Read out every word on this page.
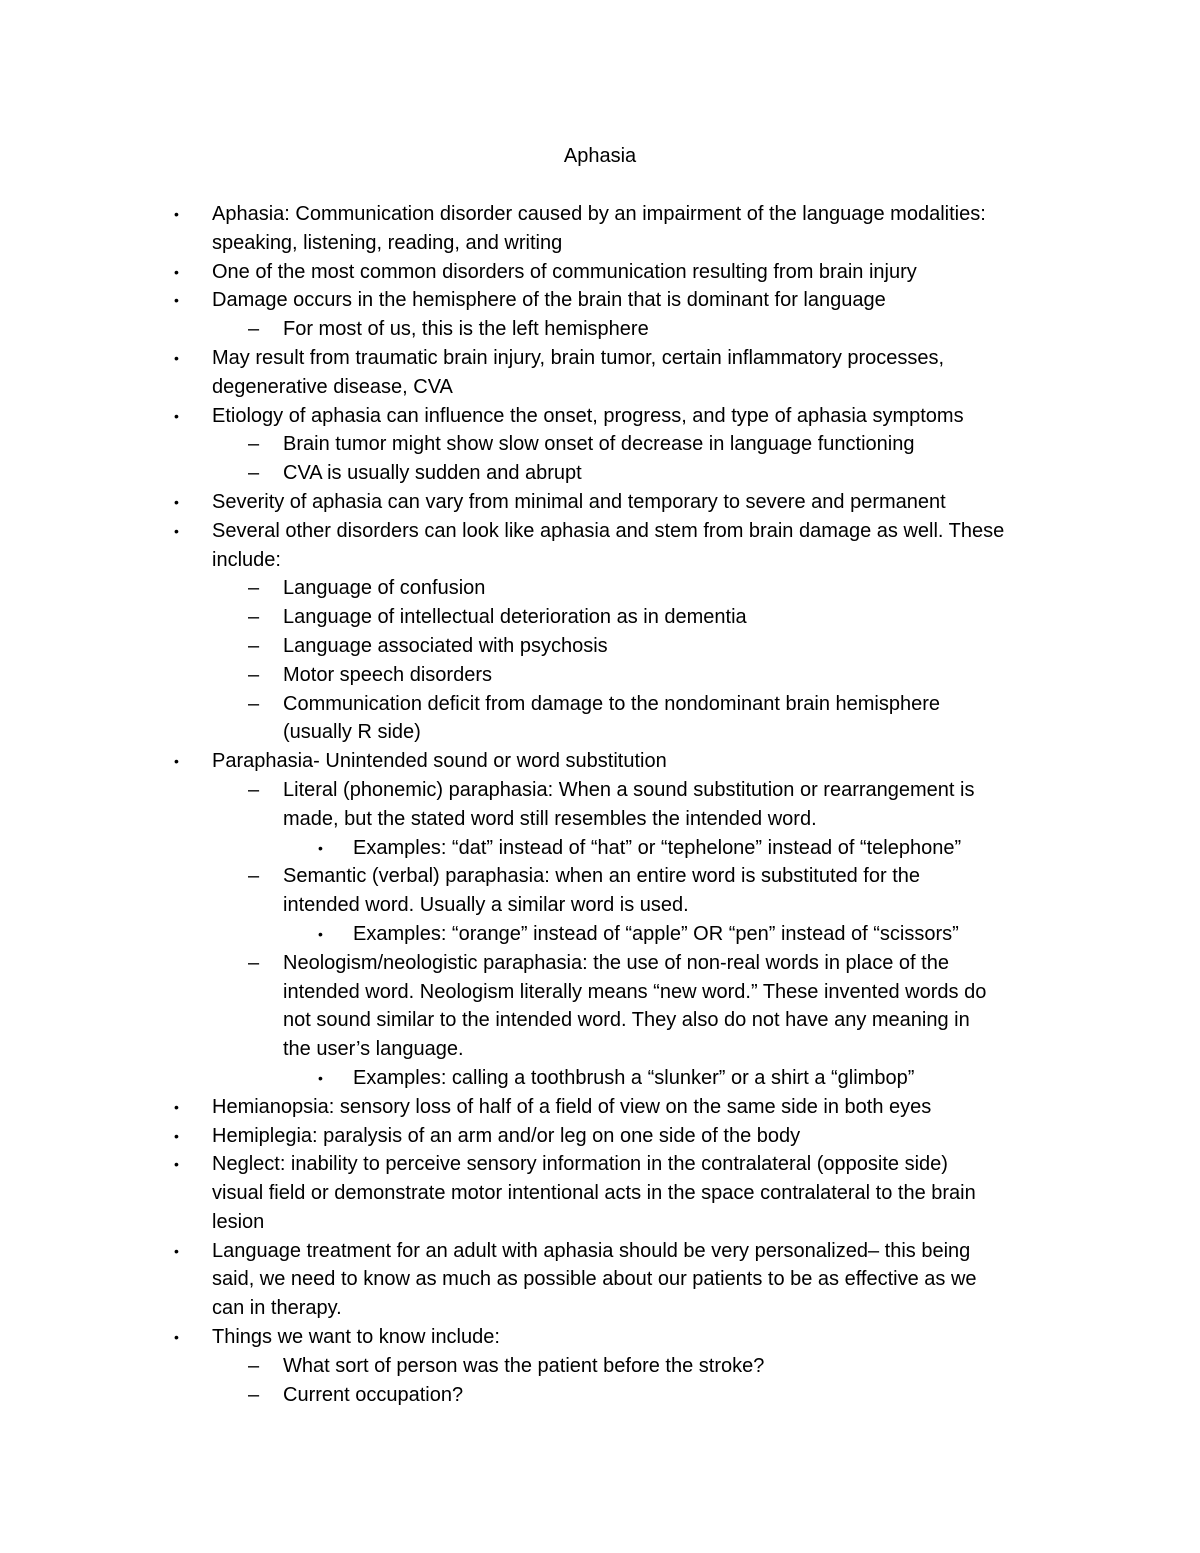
Aphasia
• Aphasia: Communication disorder caused by an impairment of the language modalities:
speaking, listening, reading, and writing
• One of the most common disorders of communication resulting from brain injury
• Damage occurs in the hemisphere of the brain that is dominant for language
– For most of us, this is the left hemisphere
• May result from traumatic brain injury, brain tumor, certain inflammatory processes,
degenerative disease, CVA
• Etiology of aphasia can influence the onset, progress, and type of aphasia symptoms
– Brain tumor might show slow onset of decrease in language functioning
– CVA is usually sudden and abrupt
• Severity of aphasia can vary from minimal and temporary to severe and permanent
• Several other disorders can look like aphasia and stem from brain damage as well. These
include:
– Language of confusion
– Language of intellectual deterioration as in dementia
– Language associated with psychosis
– Motor speech disorders
– Communication deficit from damage to the nondominant brain hemisphere
(usually R side)
• Paraphasia- Unintended sound or word substitution
– Literal (phonemic) paraphasia: When a sound substitution or rearrangement is
made, but the stated word still resembles the intended word.
• Examples: “dat” instead of “hat” or “tephelone” instead of “telephone”
– Semantic (verbal) paraphasia: when an entire word is substituted for the
intended word. Usually a similar word is used.
• Examples: “orange” instead of “apple” OR “pen” instead of “scissors”
– Neologism/neologistic paraphasia: the use of non-real words in place of the
intended word. Neologism literally means “new word.” These invented words do
not sound similar to the intended word. They also do not have any meaning in
the user’s language.
• Examples: calling a toothbrush a “slunker” or a shirt a “glimbop”
• Hemianopsia: sensory loss of half of a field of view on the same side in both eyes
• Hemiplegia: paralysis of an arm and/or leg on one side of the body
• Neglect: inability to perceive sensory information in the contralateral (opposite side)
visual field or demonstrate motor intentional acts in the space contralateral to the brain
lesion
• Language treatment for an adult with aphasia should be very personalized– this being
said, we need to know as much as possible about our patients to be as effective as we
can in therapy.
• Things we want to know include:
– What sort of person was the patient before the stroke?
– Current occupation?
